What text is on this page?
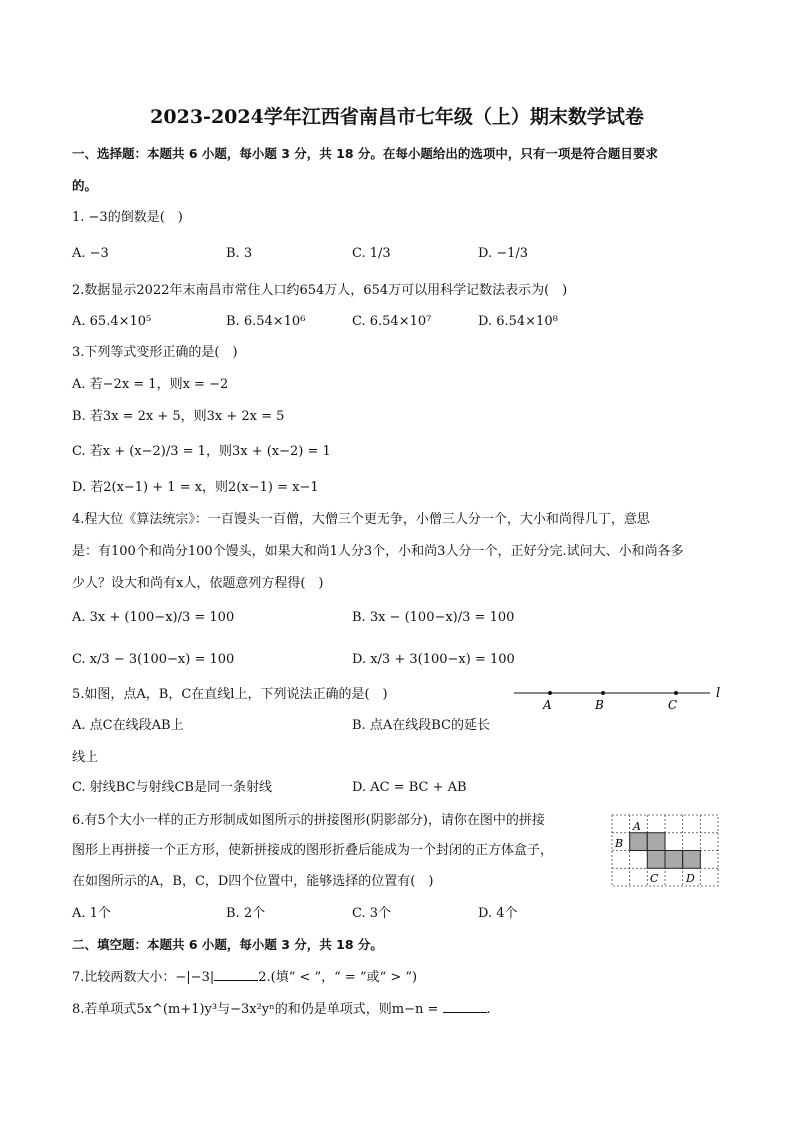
2023-2024学年江西省南昌市七年级（上）期末数学试卷
一、选择题：本题共 6 小题，每小题 3 分，共 18 分。在每小题给出的选项中，只有一项是符合题目要求
的。
1. −3的倒数是(　)
A. −3	B. 3	C. 1/3	D. −1/3
2.数据显示2022年末南昌市常住人口约654万人，654万可以用科学记数法表示为(　)
A. 65.4×10⁵	B. 6.54×10⁶	C. 6.54×10⁷	D. 6.54×10⁸
3.下列等式变形正确的是(　)
A. 若−2x = 1，则x = −2
B. 若3x = 2x + 5，则3x + 2x = 5
C. 若x + (x−2)/3 = 1，则3x + (x−2) = 1
D. 若2(x−1) + 1 = x，则2(x−1) = x−1
4.程大位《算法统宗》：一百馒头一百僧，大僧三个更无争，小僧三人分一个，大小和尚得几丁，意思
是：有100个和尚分100个馒头，如果大和尚1人分3个，小和尚3人分一个，正好分完.试问大、小和尚各多
少人？设大和尚有x人，依题意列方程得(　)
A. 3x + (100−x)/3 = 100	B. 3x − (100−x)/3 = 100
C. x/3 − 3(100−x) = 100	D. x/3 + 3(100−x) = 100
5.如图，点A，B，C在直线l上，下列说法正确的是(　)
A	B	C
l
A. 点C在线段AB上	B. 点A在线段BC的延长
线上
C. 射线BC与射线CB是同一条射线	D. AC = BC + AB
6.有5个大小一样的正方形制成如图所示的拼接图形(阴影部分)，请你在图中的拼接
图形上再拼接一个正方形，使新拼接成的图形折叠后能成为一个封闭的正方体盒子，
在如图所示的A，B，C，D四个位置中，能够选择的位置有(　)
A
B
C	D
A. 1个	B. 2个	C. 3个	D. 4个
二、填空题：本题共 6 小题，每小题 3 分，共 18 分。
7.比较两数大小：−|−3|	2.(填“ < ”，“ = ”或“ > ”)
8.若单项式5x^(m+1)y³与−3x²yⁿ的和仍是单项式，则m−n =	.
